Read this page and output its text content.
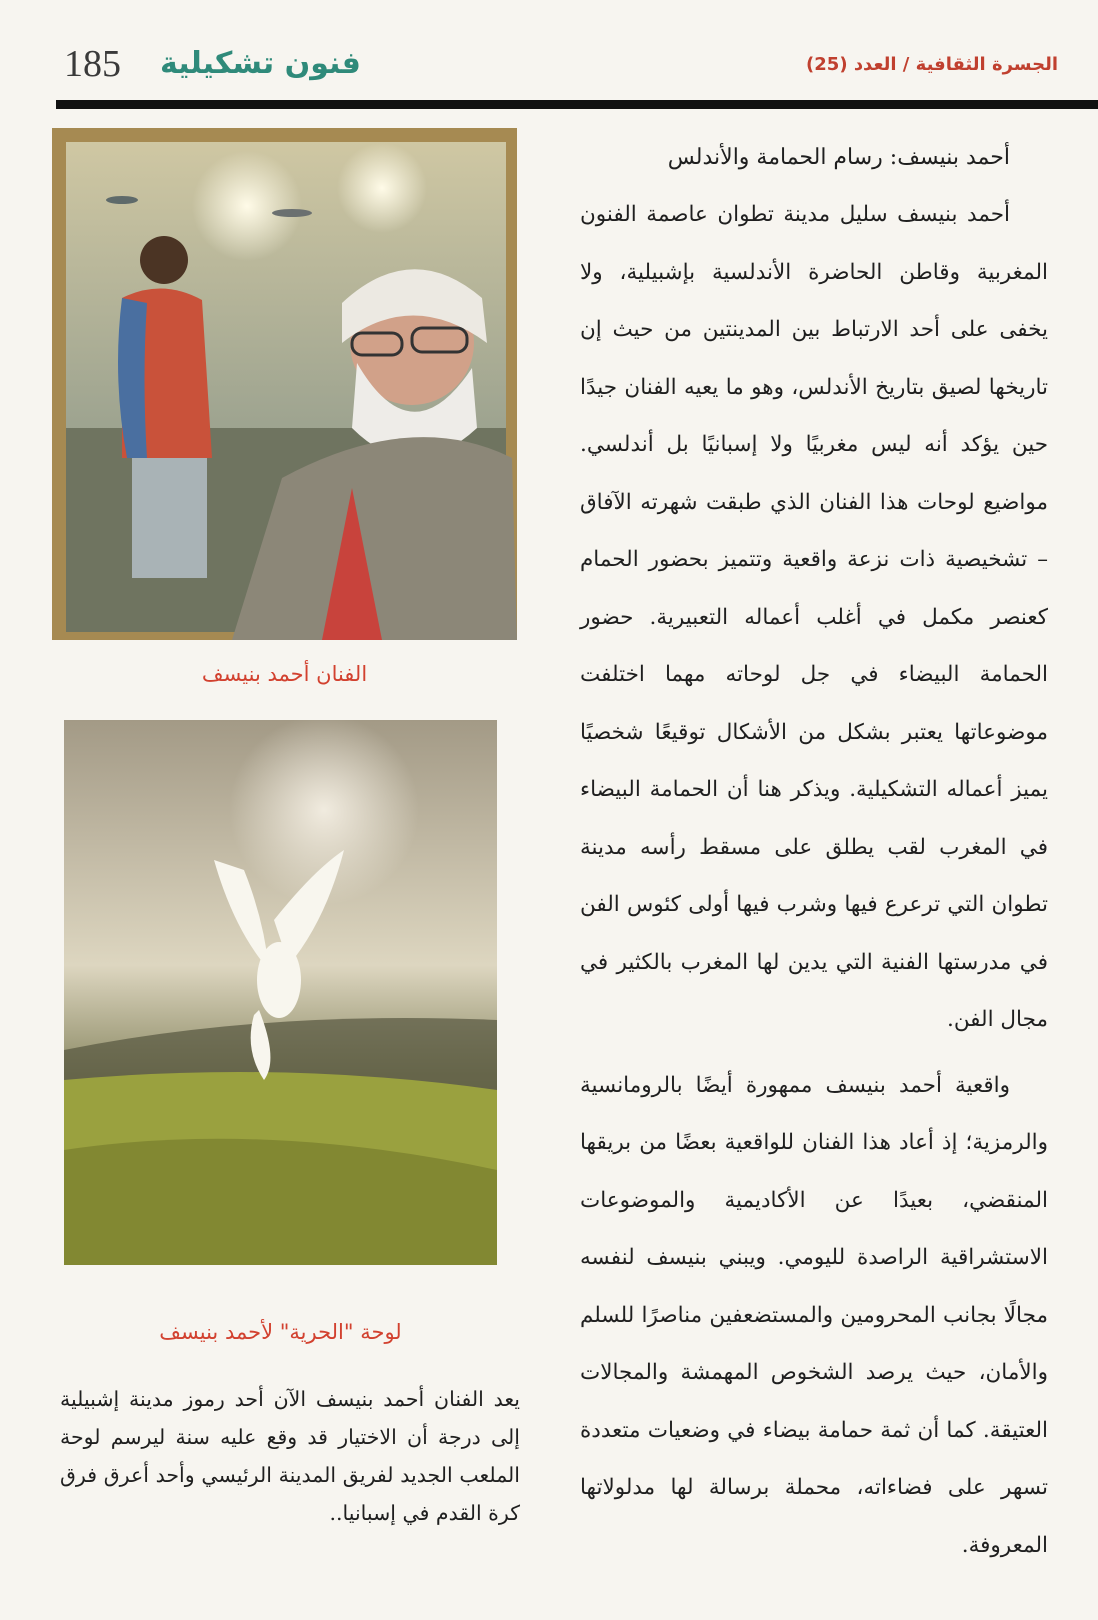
185 فنون تشكيلية	الجسرة الثقافية / العدد (25)
أحمد بنيسف: رسام الحمامة والأندلس

أحمد بنيسف سليل مدينة تطوان عاصمة الفنون المغربية وقاطن الحاضرة الأندلسية بإشبيلية، ولا يخفى على أحد الارتباط بين المدينتين من حيث إن تاريخها لصيق بتاريخ الأندلس، وهو ما يعيه الفنان جيدًا حين يؤكد أنه ليس مغربيًا ولا إسبانيًا بل أندلسي. مواضيع لوحات هذا الفنان الذي طبقت شهرته الآفاق – تشخيصية ذات نزعة واقعية وتتميز بحضور الحمام كعنصر مكمل في أغلب أعماله التعبيرية. حضور الحمامة البيضاء في جل لوحاته مهما اختلفت موضوعاتها يعتبر بشكل من الأشكال توقيعًا شخصيًا يميز أعماله التشكيلية. ويذكر هنا أن الحمامة البيضاء في المغرب لقب يطلق على مسقط رأسه مدينة تطوان التي ترعرع فيها وشرب فيها أولى كئوس الفن في مدرستها الفنية التي يدين لها المغرب بالكثير في مجال الفن.

واقعية أحمد بنيسف ممهورة أيضًا بالرومانسية والرمزية؛ إذ أعاد هذا الفنان للواقعية بعضًا من بريقها المنقضي، بعيدًا عن الأكاديمية والموضوعات الاستشراقية الراصدة لليومي. ويبني بنيسف لنفسه مجالًا بجانب المحرومين والمستضعفين مناصرًا للسلم والأمان، حيث يرصد الشخوص المهمشة والمجالات العتيقة. كما أن ثمة حمامة بيضاء في وضعيات متعددة تسهر على فضاءاته، محملة برسالة لها مدلولاتها المعروفة.

الفنان أحمد بنيسف
لوحة "الحرية" لأحمد بنيسف

يعد الفنان أحمد بنيسف الآن أحد رموز مدينة إشبيلية إلى درجة أن الاختيار قد وقع عليه سنة ليرسم لوحة الملعب الجديد لفريق المدينة الرئيسي وأحد أعرق فرق كرة القدم في إسبانيا..
